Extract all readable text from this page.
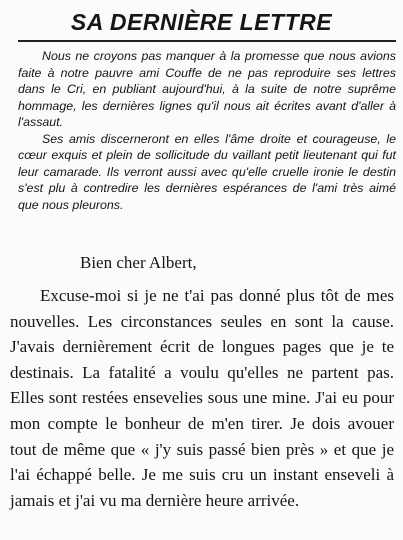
SA DERNIÈRE LETTRE

Nous ne croyons pas manquer à la promesse que nous avions faite à notre pauvre ami Couffe de ne pas reproduire ses lettres dans le Cri, en publiant aujourd'hui, à la suite de notre suprême hommage, les dernières lignes qu'il nous ait écrites avant d'aller à l'assaut.

Ses amis discerneront en elles l'âme droite et courageuse, le cœur exquis et plein de sollicitude du vaillant petit lieutenant qui fut leur camarade. Ils verront aussi avec qu'elle cruelle ironie le destin s'est plu à contredire les dernières espérances de l'ami très aimé que nous pleurons.

Bien cher Albert,

Excuse-moi si je ne t'ai pas donné plus tôt de mes nouvelles. Les circonstances seules en sont la cause. J'avais dernièrement écrit de longues pages que je te destinais. La fatalité a voulu qu'elles ne partent pas. Elles sont restées ensevelies sous une mine. J'ai eu pour mon compte le bonheur de m'en tirer. Je dois avouer tout de même que « j'y suis passé bien près » et que je l'ai échappé belle. Je me suis cru un instant enseveli à jamais et j'ai vu ma dernière heure arrivée.
